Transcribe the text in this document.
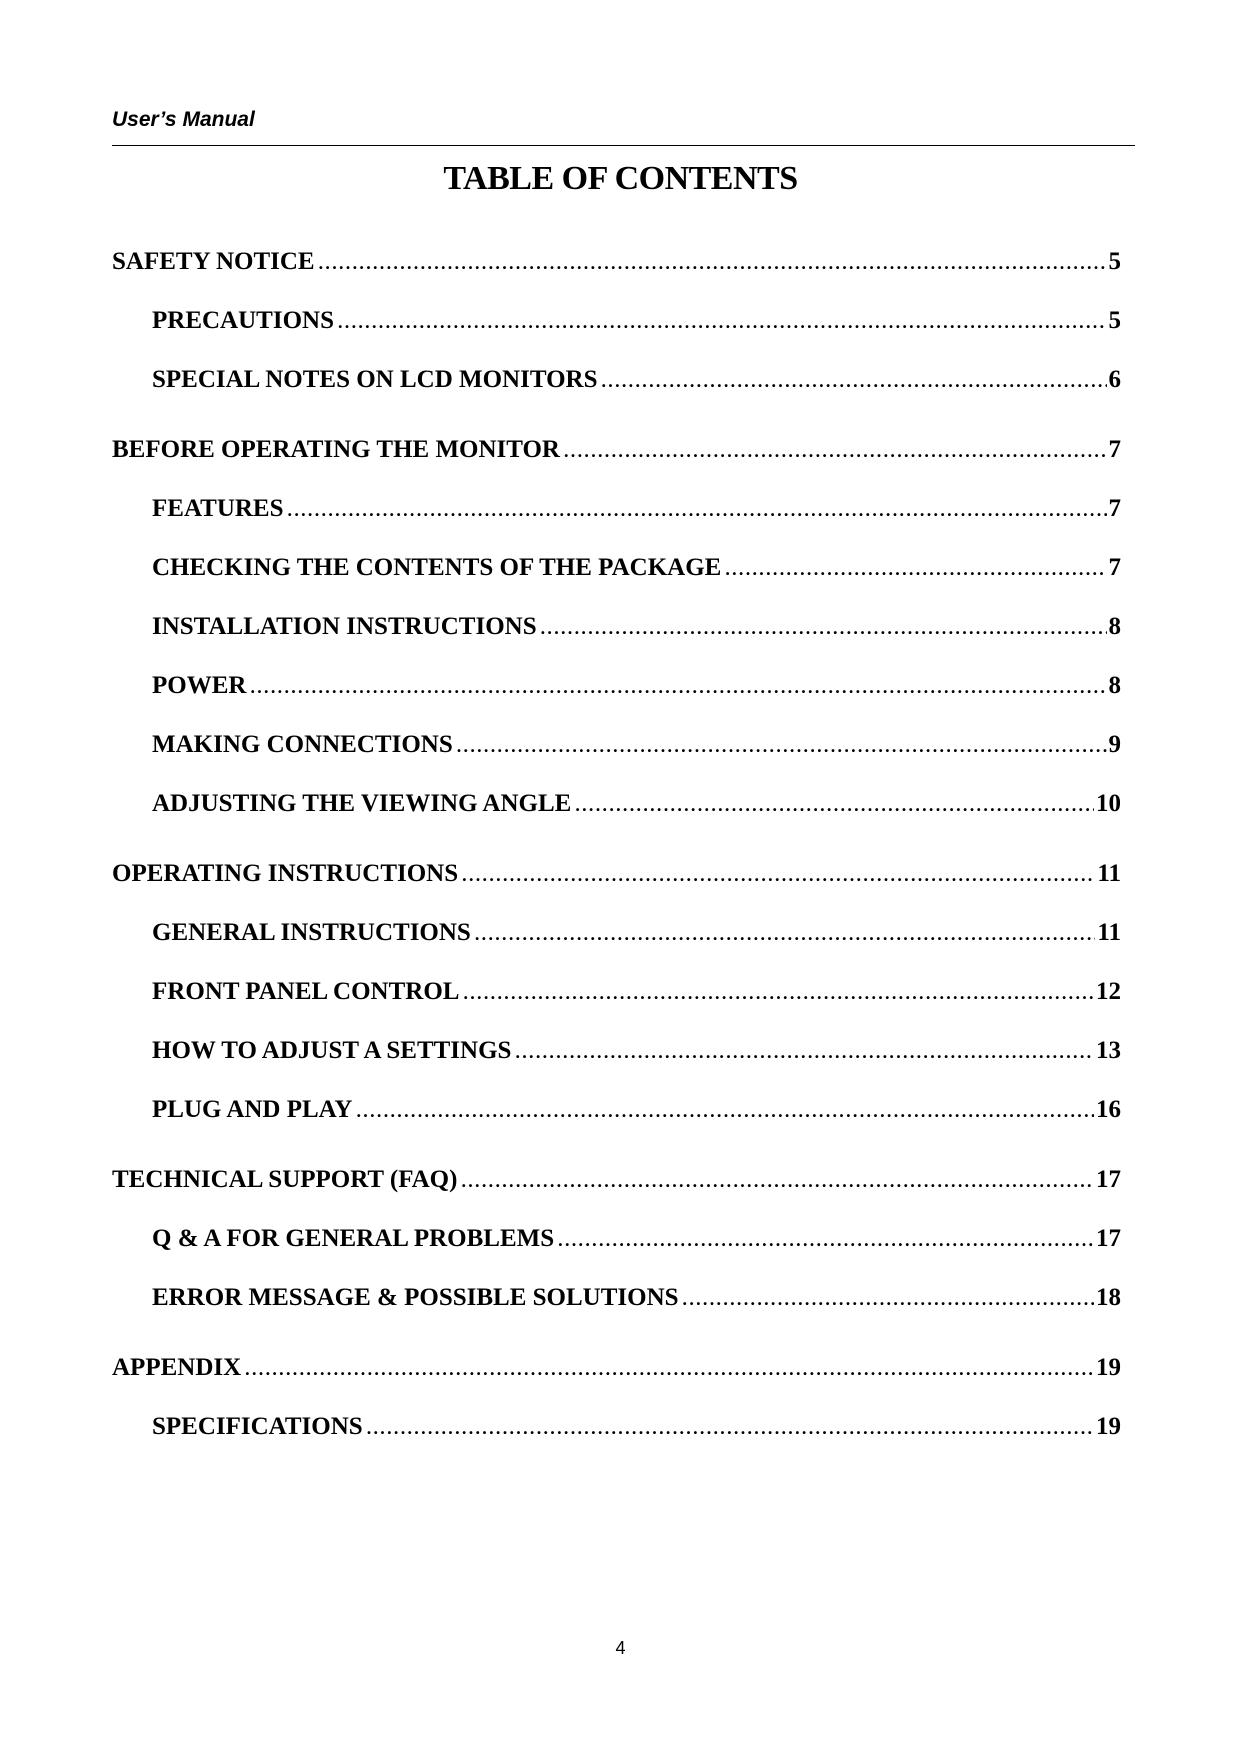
User’s Manual
TABLE OF CONTENTS
SAFETY NOTICE .....	5
PRECAUTIONS .....	5
SPECIAL NOTES ON LCD MONITORS .....	6
BEFORE OPERATING THE MONITOR .....	7
FEATURES .....	7
CHECKING THE CONTENTS OF THE PACKAGE .....	7
INSTALLATION INSTRUCTIONS .....	8
POWER .....	8
MAKING CONNECTIONS .....	9
ADJUSTING THE VIEWING ANGLE .....	10
OPERATING INSTRUCTIONS .....	11
GENERAL INSTRUCTIONS .....	11
FRONT PANEL CONTROL .....	12
HOW TO ADJUST A SETTINGS .....	13
PLUG AND PLAY .....	16
TECHNICAL SUPPORT (FAQ) .....	17
Q & A FOR GENERAL PROBLEMS .....	17
ERROR MESSAGE & POSSIBLE SOLUTIONS .....	18
APPENDIX .....	19
SPECIFICATIONS .....	19
4
